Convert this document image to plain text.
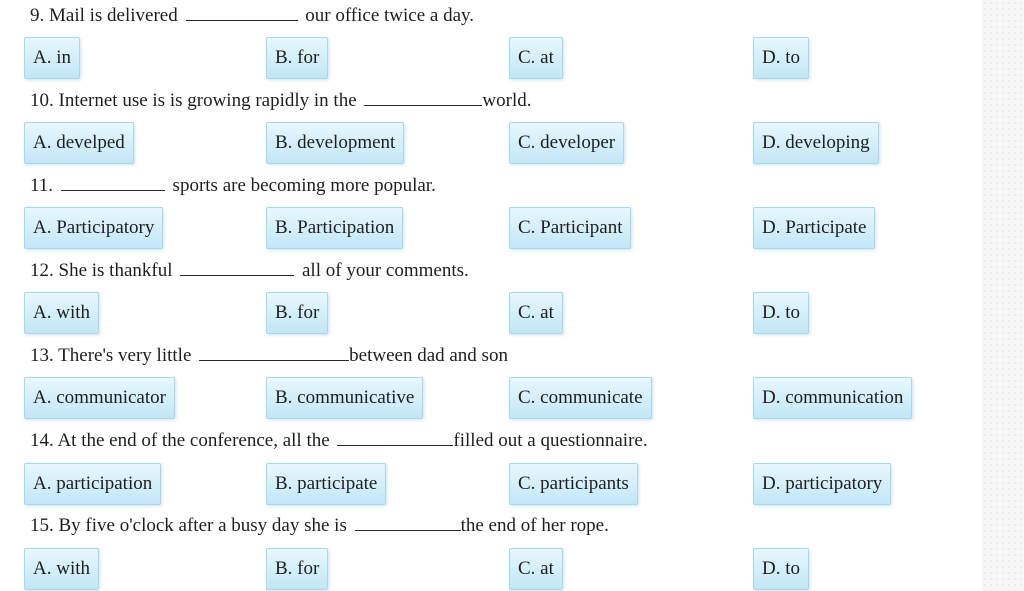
9. Mail is delivered	our office twice a day.
A. in	B. for	C. at	D. to
10. Internet use is is growing rapidly in the	world.
A. develped	B. development	C. developer	D. developing
11.	sports are becoming more popular.
A. Participatory	B. Participation	C. Participant	D. Participate
12. She is thankful	all of your comments.
A. with	B. for	C. at	D. to
13. There's very little	between dad and son
A. communicator	B. communicative	C. communicate	D. communication
14. At the end of the conference, all the	filled out a questionnaire.
A. participation	B. participate	C. participants	D. participatory
15. By five o'clock after a busy day she is	the end of her rope.
A. with	B. for	C. at	D. to
